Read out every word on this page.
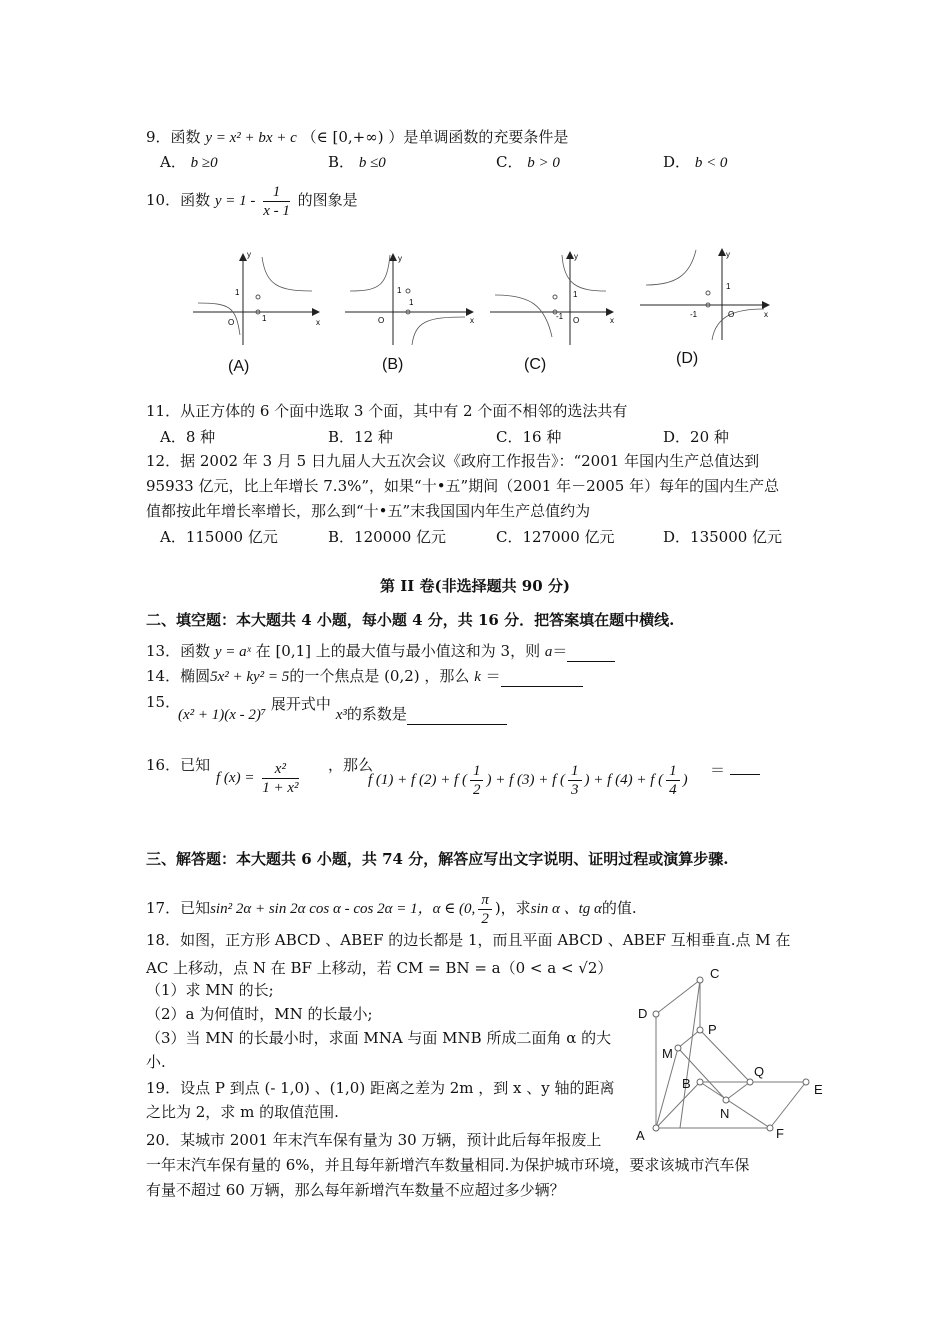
9．函数 y = x² + bx + c （∈ [0,+∞) ）是单调函数的充要条件是
A． b ≥0	B． b ≤0	C． b > 0	D． b < 0
10．函数 $y = 1 - \frac{1}{x - 1}$ 的图象是
y
x
O
1
1
y
x
O
1
1
y
x
O
1
-1
y
x
O
1
-1
(A)	(B)	(C)	(D)
11．从正方体的 6 个面中选取 3 个面，其中有 2 个面不相邻的选法共有
A．8 种	B．12 种	C．16 种	D．20 种
12．据 2002 年 3 月 5 日九届人大五次会议《政府工作报告》：“2001 年国内生产总值达到
95933 亿元，比上年增长 7.3%”，如果“十•五”期间（2001 年－2005 年）每年的国内生产总
值都按此年增长率增长，那么到“十•五”末我国国内年生产总值约为
A．115000 亿元	B．120000 亿元	C．127000 亿元	D．135000 亿元
第 II 卷(非选择题共 90 分)
二、填空题：本大题共 4 小题，每小题 4 分，共 16 分．把答案填在题中横线.
13．函数 y = aˣ 在 [0,1] 上的最大值与最小值这和为 3，则 a＝
14．椭圆5x² + ky² = 5的一个焦点是 (0,2) ，那么 k ＝
15．
(x² + 1)(x - 2)⁷ 展开式中 x³的系数是
16．已知
f $(x) = \frac{\text{x²}}{\text{1 + x²}}$ ，那么
f (1) + f (2) + f ( $\frac{1}{2}$ ) + f (3) + f ( $\frac{1}{3}$ ) + f (4) + f ( $\frac{1}{4}$ )
＝
三、解答题：本大题共 6 小题，共 74 分，解答应写出文字说明、证明过程或演算步骤.
17．已知sin² 2α + sin 2α cos α - cos 2α = 1，α ∈ (0, $\frac{\pi}{2}$ )，求sin α 、tg α的值.
18．如图，正方形 ABCD 、ABEF 的边长都是 1，而且平面 ABCD 、ABEF 互相垂直.点 M 在
AC 上移动，点 N 在 BF 上移动，若 CM = BN = a（0 < a < √2）
（1）求 MN 的长;
（2）a 为何值时，MN 的长最小;
（3）当 MN 的长最小时，求面 MNA 与面 MNB 所成二面角 α 的大
小.
19．设点 P 到点 (- 1,0) 、(1,0) 距离之差为 2m ，到 x 、y 轴的距离
之比为 2，求 m 的取值范围.
20．某城市 2001 年末汽车保有量为 30 万辆，预计此后每年报废上
一年末汽车保有量的 6%，并且每年新增汽车数量相同.为保护城市环境，要求该城市汽车保
有量不超过 60 万辆，那么每年新增汽车数量不应超过多少辆？
C
D
P
M
B
Q
E
N
A	F
